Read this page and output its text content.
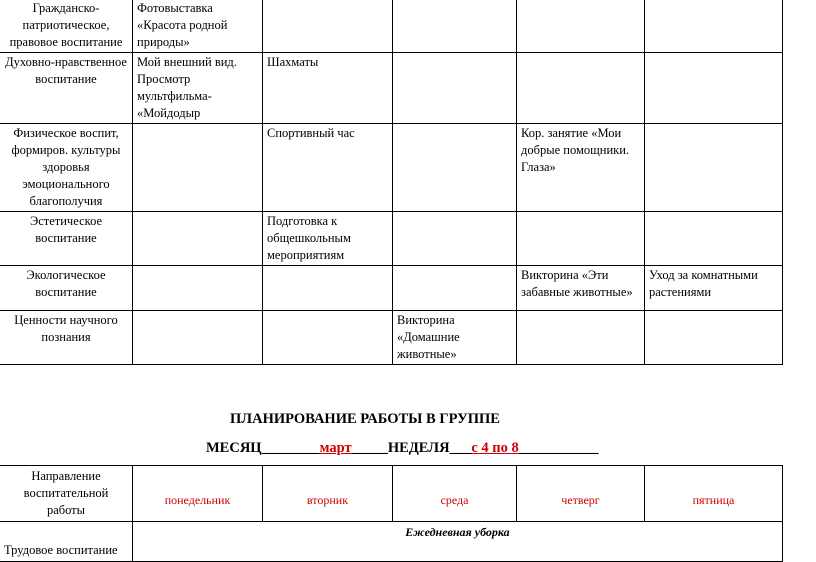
Гражданско-патриотическое, правовое воспитание	Фотовыставка «Красота родной природы»				
Духовно-нравственное воспитание	Мой внешний вид. Просмотр мультфильма- «Мойдодыр	Шахматы			
Физическое воспит, формиров. культуры здоровья эмоционального благополучия		Спортивный час		Кор. занятие «Мои добрые помощники. Глаза»	
Эстетическое воспитание		Подготовка к общешкольным мероприятиям			
Экологическое воспитание				Викторина «Эти забавные животные»	Уход за комнатными растениями
Ценности научного познания			Викторина «Домашние животные»		
ПЛАНИРОВАНИЕ РАБОТЫ В ГРУППЕ
МЕСЯЦ________март_____НЕДЕЛЯ___с 4 по 8___________
Направление воспитательной работы	понедельник	вторник	среда	четверг	пятница
Трудовое воспитание	Ежедневная уборка				
